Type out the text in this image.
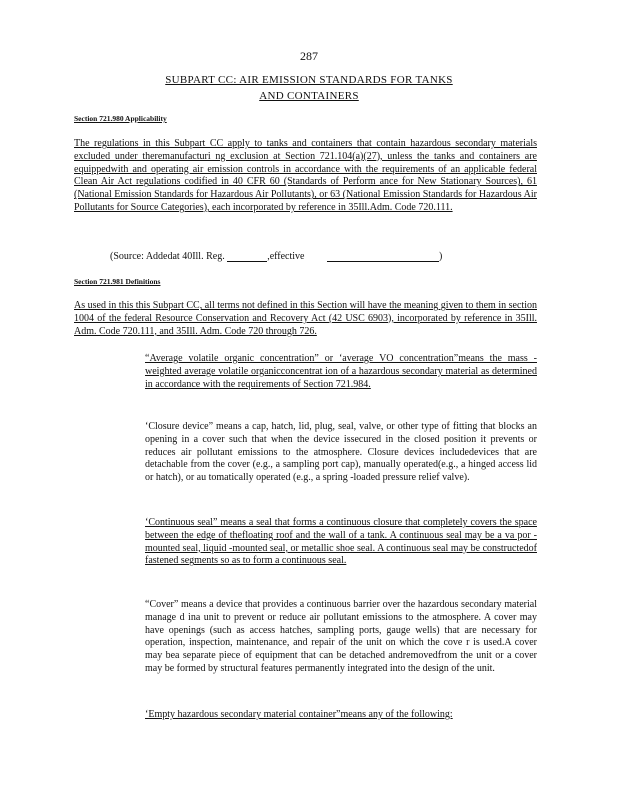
287
SUBPART CC: AIR EMISSION STANDARDS FOR TANKS
AND CONTAINERS
Section 721.980 Applicability
The regulations in this Subpart CC apply to tanks and containers that contain hazardous secondary materials excluded under theremanufacturi ng exclusion at Section 721.104(a)(27), unless the tanks and containers are equippedwith and operating air emission controls in accordance with the requirements of an applicable federal Clean Air Act regulations codified in 40 CFR 60 (Standards of Perform ance for New Stationary Sources), 61 (National Emission Standards for Hazardous Air Pollutants), or 63 (National Emission Standards for Hazardous Air Pollutants for Source Categories), each incorporated by reference in 35Ill.Adm. Code 720.111.
(Source: Addedat 40Ill. Reg.	,effective	)
Section 721.981 Definitions
As used in this this Subpart CC, all terms not defined in this Section will have the meaning given to them in section 1004 of the federal Resource Conservation and Recovery Act (42 USC 6903), incorporated by reference in 35Ill. Adm. Code 720.111, and 35Ill. Adm. Code 720 through 726.
“Average volatile organic concentration” or ‘average VO concentration”means the mass -weighted average volatile organicconcentrat ion of a hazardous secondary material as determined in accordance with the requirements of Section 721.984.
‘Closure device” means a cap, hatch, lid, plug, seal, valve, or other type of fitting that blocks an opening in a cover such that when the device issecured in the closed position it prevents or reduces air pollutant emissions to the atmosphere. Closure devices includedevices that are detachable from the cover (e.g., a sampling port cap), manually operated(e.g., a hinged access lid or hatch), or au tomatically operated (e.g., a spring -loaded pressure relief valve).
‘Continuous seal” means a seal that forms a continuous closure that completely covers the space between the edge of thefloating roof and the wall of a tank. A continuous seal may be a va por -mounted seal, liquid -mounted seal, or metallic shoe seal. A continuous seal may be constructedof fastened segments so as to form a continuous seal.
“Cover” means a device that provides a continuous barrier over the hazardous secondary material manage d ina unit to prevent or reduce air pollutant emissions to the atmosphere. A cover may have openings (such as access hatches, sampling ports, gauge wells) that are necessary for operation, inspection, maintenance, and repair of the unit on which the cove r is used.A cover may bea separate piece of equipment that can be detached andremovedfrom the unit or a cover may be formed by structural features permanently integrated into the design of the unit.
‘Empty hazardous secondary material container”means any of the following:
